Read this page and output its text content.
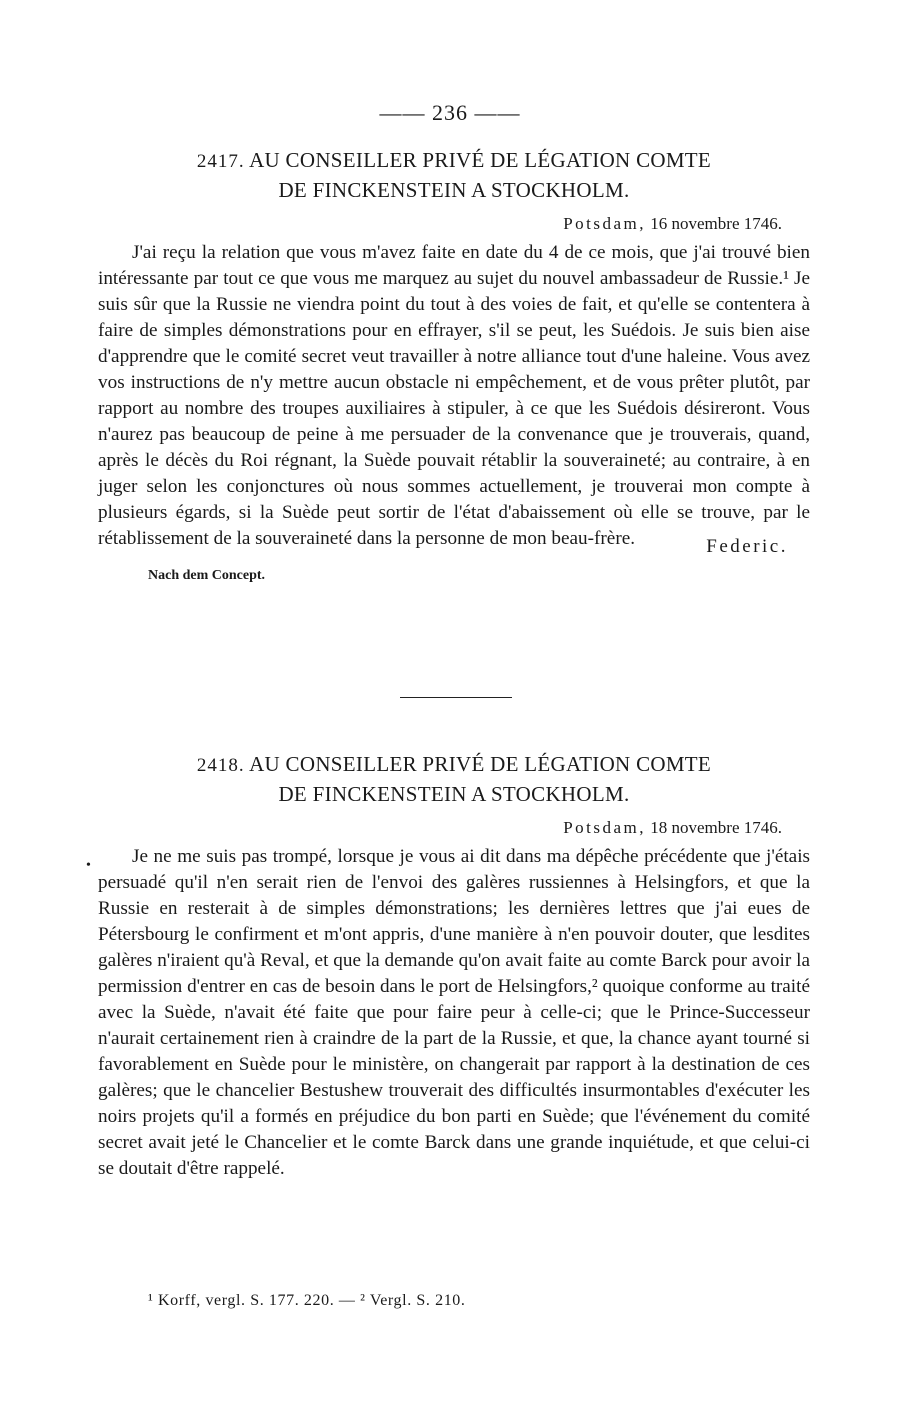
—— 236 ——

2417. AU CONSEILLER PRIVÉ DE LÉGATION COMTE
DE FINCKENSTEIN A STOCKHOLM.

Potsdam, 16 novembre 1746.
J'ai reçu la relation que vous m'avez faite en date du 4 de ce mois, que j'ai trouvé bien intéressante par tout ce que vous me marquez au sujet du nouvel ambassadeur de Russie.¹ Je suis sûr que la Russie ne viendra point du tout à des voies de fait, et qu'elle se contentera à faire de simples démonstrations pour en effrayer, s'il se peut, les Suédois. Je suis bien aise d'apprendre que le comité secret veut travailler à notre alliance tout d'une haleine. Vous avez vos instructions de n'y mettre aucun obstacle ni empêchement, et de vous prêter plutôt, par rapport au nombre des troupes auxiliaires à stipuler, à ce que les Suédois désireront. Vous n'aurez pas beaucoup de peine à me persuader de la convenance que je trouverais, quand, après le décès du Roi régnant, la Suède pouvait rétablir la souveraineté; au contraire, à en juger selon les conjonctures où nous sommes actuellement, je trouverai mon compte à plusieurs égards, si la Suède peut sortir de l'état d'abaissement où elle se trouve, par le rétablissement de la souveraineté dans la personne de mon beau-frère.	Federic.
Nach dem Concept.

2418. AU CONSEILLER PRIVÉ DE LÉGATION COMTE
DE FINCKENSTEIN A STOCKHOLM.

Potsdam, 18 novembre 1746.
Je ne me suis pas trompé, lorsque je vous ai dit dans ma dépêche précédente que j'étais persuadé qu'il n'en serait rien de l'envoi des galères russiennes à Helsingfors, et que la Russie en resterait à de simples démonstrations; les dernières lettres que j'ai eues de Pétersbourg le confirment et m'ont appris, d'une manière à n'en pouvoir douter, que lesdites galères n'iraient qu'à Reval, et que la demande qu'on avait faite au comte Barck pour avoir la permission d'entrer en cas de besoin dans le port de Helsingfors,² quoique conforme au traité avec la Suède, n'avait été faite que pour faire peur à celle-ci; que le Prince-Successeur n'aurait certainement rien à craindre de la part de la Russie, et que, la chance ayant tourné si favorablement en Suède pour le ministère, on changerait par rapport à la destination de ces galères; que le chancelier Bestushew trouverait des difficultés insurmontables d'exécuter les noirs projets qu'il a formés en préjudice du bon parti en Suède; que l'événement du comité secret avait jeté le Chancelier et le comte Barck dans une grande inquiétude, et que celui-ci se doutait d'être rappelé.
•
¹ Korff, vergl. S. 177. 220. — ² Vergl. S. 210.
